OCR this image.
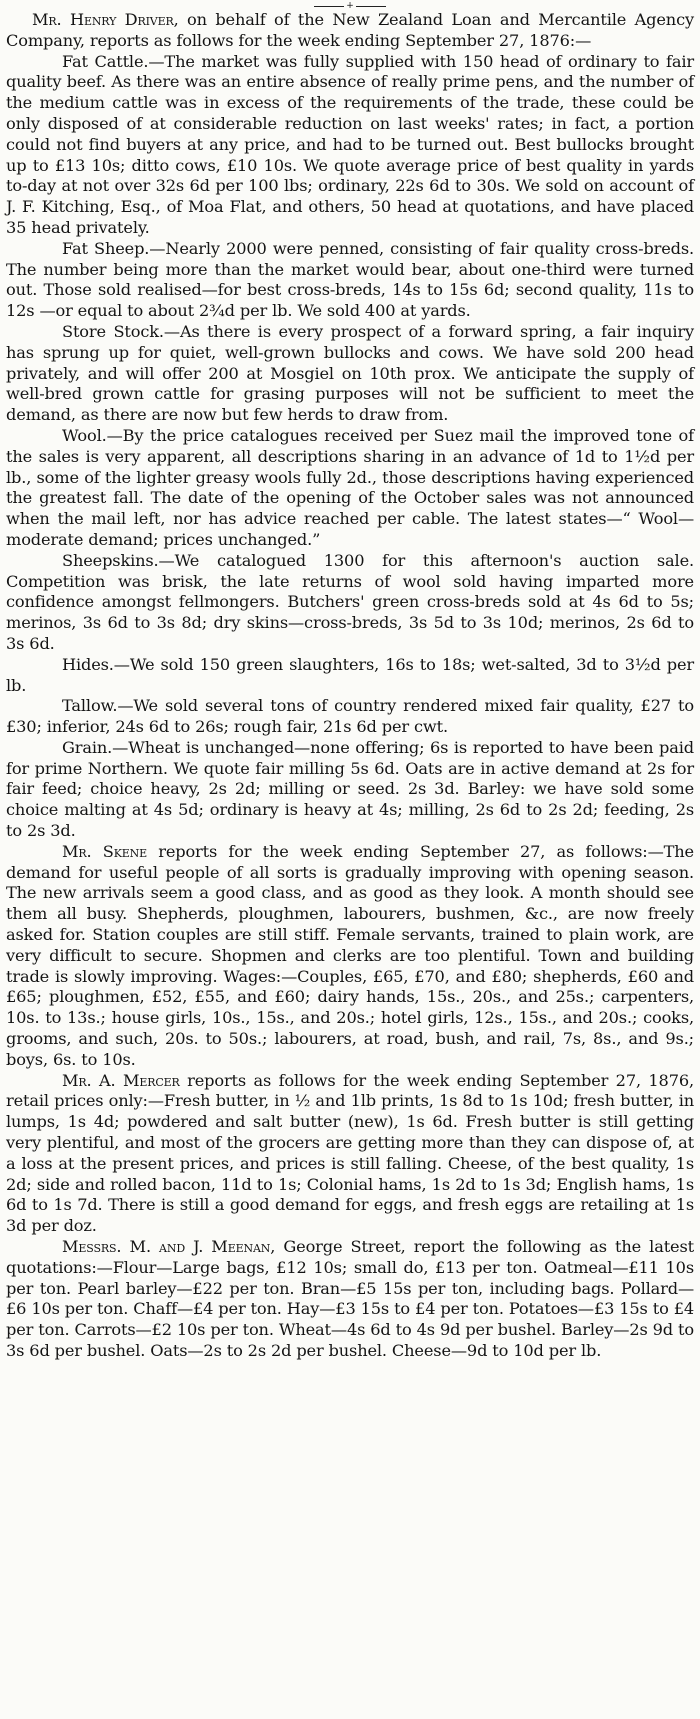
+

Mr. Henry Driver, on behalf of the New Zealand Loan and Mercantile Agency Company, reports as follows for the week ending September 27, 1876:—

Fat Cattle.—The market was fully supplied with 150 head of ordinary to fair quality beef. As there was an entire absence of really prime pens, and the number of the medium cattle was in excess of the requirements of the trade, these could be only disposed of at considerable reduction on last weeks' rates; in fact, a portion could not find buyers at any price, and had to be turned out. Best bullocks brought up to £13 10s; ditto cows, £10 10s. We quote average price of best quality in yards to-day at not over 32s 6d per 100 lbs; ordinary, 22s 6d to 30s. We sold on account of J. F. Kitching, Esq., of Moa Flat, and others, 50 head at quotations, and have placed 35 head privately.

Fat Sheep.—Nearly 2000 were penned, consisting of fair quality cross-breds. The number being more than the market would bear, about one-third were turned out. Those sold realised—for best cross-breds, 14s to 15s 6d; second quality, 11s to 12s —or equal to about 2¾d per lb. We sold 400 at yards.

Store Stock.—As there is every prospect of a forward spring, a fair inquiry has sprung up for quiet, well-grown bullocks and cows. We have sold 200 head privately, and will offer 200 at Mosgiel on 10th prox. We anticipate the supply of well-bred grown cattle for grasing purposes will not be sufficient to meet the demand, as there are now but few herds to draw from.

Wool.—By the price catalogues received per Suez mail the improved tone of the sales is very apparent, all descriptions sharing in an advance of 1d to 1½d per lb., some of the lighter greasy wools fully 2d., those descriptions having experienced the greatest fall. The date of the opening of the October sales was not announced when the mail left, nor has advice reached per cable. The latest states—“ Wool—moderate demand; prices unchanged.”

Sheepskins.—We catalogued 1300 for this afternoon's auction sale. Competition was brisk, the late returns of wool sold having imparted more confidence amongst fellmongers. Butchers' green cross-breds sold at 4s 6d to 5s; merinos, 3s 6d to 3s 8d; dry skins—cross-breds, 3s 5d to 3s 10d; merinos, 2s 6d to 3s 6d.

Hides.—We sold 150 green slaughters, 16s to 18s; wet-salted, 3d to 3½d per lb.

Tallow.—We sold several tons of country rendered mixed fair quality, £27 to £30; inferior, 24s 6d to 26s; rough fair, 21s 6d per cwt.

Grain.—Wheat is unchanged—none offering; 6s is reported to have been paid for prime Northern. We quote fair milling 5s 6d. Oats are in active demand at 2s for fair feed; choice heavy, 2s 2d; milling or seed. 2s 3d. Barley: we have sold some choice malting at 4s 5d; ordinary is heavy at 4s; milling, 2s 6d to 2s 2d; feeding, 2s to 2s 3d.

Mr. Skene reports for the week ending September 27, as follows:—The demand for useful people of all sorts is gradually improving with opening season. The new arrivals seem a good class, and as good as they look. A month should see them all busy. Shepherds, ploughmen, labourers, bushmen, &c., are now freely asked for. Station couples are still stiff. Female servants, trained to plain work, are very difficult to secure. Shopmen and clerks are too plentiful. Town and building trade is slowly improving. Wages:—Couples, £65, £70, and £80; shepherds, £60 and £65; ploughmen, £52, £55, and £60; dairy hands, 15s., 20s., and 25s.; carpenters, 10s. to 13s.; house girls, 10s., 15s., and 20s.; hotel girls, 12s., 15s., and 20s.; cooks, grooms, and such, 20s. to 50s.; labourers, at road, bush, and rail, 7s, 8s., and 9s.; boys, 6s. to 10s.

Mr. A. Mercer reports as follows for the week ending September 27, 1876, retail prices only:—Fresh butter, in ½ and 1lb prints, 1s 8d to 1s 10d; fresh butter, in lumps, 1s 4d; powdered and salt butter (new), 1s 6d. Fresh butter is still getting very plentiful, and most of the grocers are getting more than they can dispose of, at a loss at the present prices, and prices is still falling. Cheese, of the best quality, 1s 2d; side and rolled bacon, 11d to 1s; Colonial hams, 1s 2d to 1s 3d; English hams, 1s 6d to 1s 7d. There is still a good demand for eggs, and fresh eggs are retailing at 1s 3d per doz.

Messrs. M. and J. Meenan, George Street, report the following as the latest quotations:—Flour—Large bags, £12 10s; small do, £13 per ton. Oatmeal—£11 10s per ton. Pearl barley—£22 per ton. Bran—£5 15s per ton, including bags. Pollard—£6 10s per ton. Chaff—£4 per ton. Hay—£3 15s to £4 per ton. Potatoes—£3 15s to £4 per ton. Carrots—£2 10s per ton. Wheat—4s 6d to 4s 9d per bushel. Barley—2s 9d to 3s 6d per bushel. Oats—2s to 2s 2d per bushel. Cheese—9d to 10d per lb.
